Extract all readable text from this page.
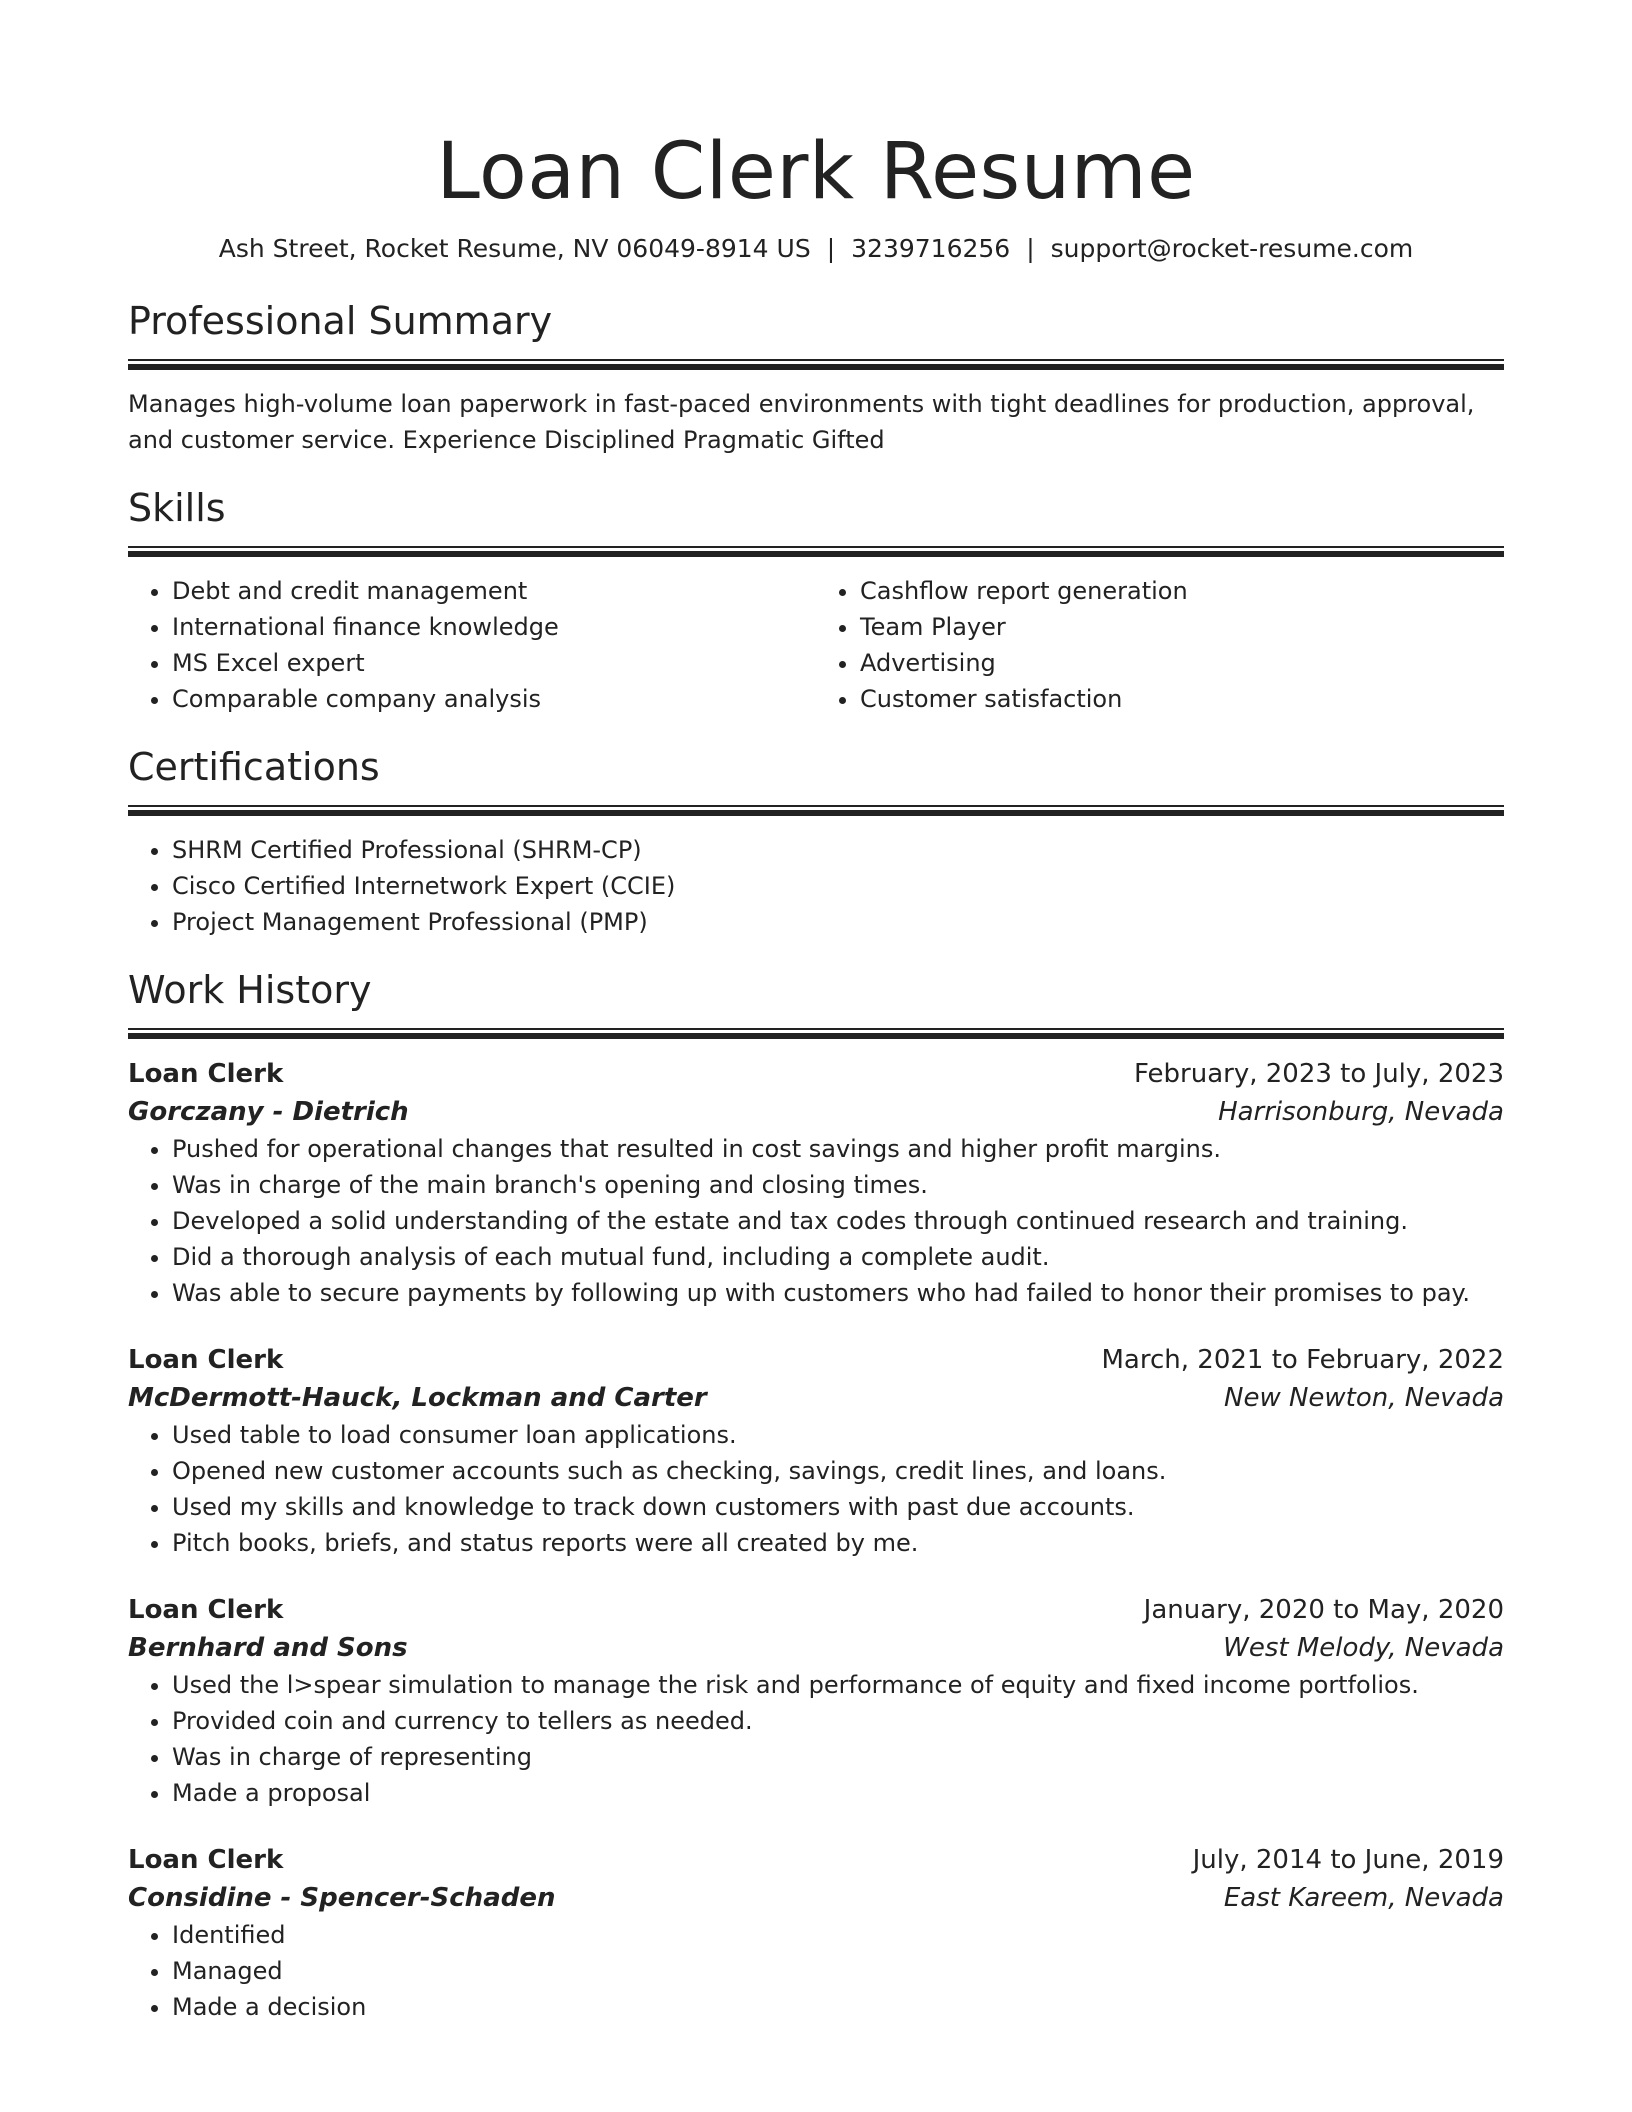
Loan Clerk Resume
Ash Street, Rocket Resume, NV 06049-8914 US | 3239716256 | support@rocket-resume.com
Professional Summary
Manages high-volume loan paperwork in fast-paced environments with tight deadlines for production, approval, and customer service. Experience Disciplined Pragmatic Gifted
Skills
• Debt and credit management
• International finance knowledge
• MS Excel expert
• Comparable company analysis
• Cashflow report generation
• Team Player
• Advertising
• Customer satisfaction
Certifications
• SHRM Certified Professional (SHRM-CP)
• Cisco Certified Internetwork Expert (CCIE)
• Project Management Professional (PMP)
Work History
Loan Clerk	February, 2023 to July, 2023
Gorczany - Dietrich	Harrisonburg, Nevada
• Pushed for operational changes that resulted in cost savings and higher profit margins.
• Was in charge of the main branch's opening and closing times.
• Developed a solid understanding of the estate and tax codes through continued research and training.
• Did a thorough analysis of each mutual fund, including a complete audit.
• Was able to secure payments by following up with customers who had failed to honor their promises to pay.
Loan Clerk	March, 2021 to February, 2022
McDermott-Hauck, Lockman and Carter	New Newton, Nevada
• Used table to load consumer loan applications.
• Opened new customer accounts such as checking, savings, credit lines, and loans.
• Used my skills and knowledge to track down customers with past due accounts.
• Pitch books, briefs, and status reports were all created by me.
Loan Clerk	January, 2020 to May, 2020
Bernhard and Sons	West Melody, Nevada
• Used the l>spear simulation to manage the risk and performance of equity and fixed income portfolios.
• Provided coin and currency to tellers as needed.
• Was in charge of representing
• Made a proposal
Loan Clerk	July, 2014 to June, 2019
Considine - Spencer-Schaden	East Kareem, Nevada
• Identified
• Managed
• Made a decision
